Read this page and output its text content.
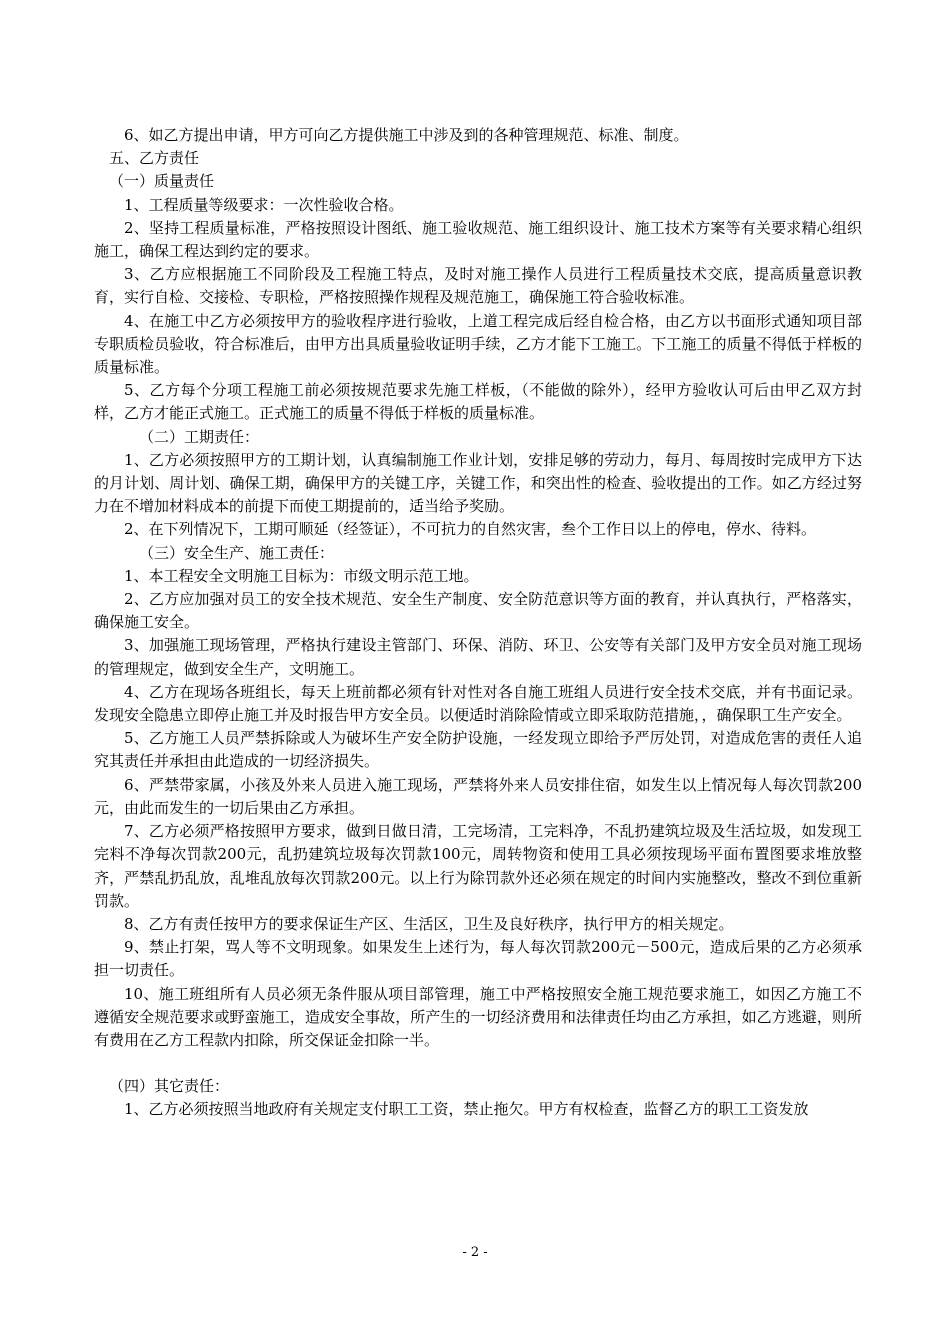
6、如乙方提出申请，甲方可向乙方提供施工中涉及到的各种管理规范、标准、制度。

五、乙方责任

（一）质量责任

1、工程质量等级要求：一次性验收合格。

2、坚持工程质量标准，严格按照设计图纸、施工验收规范、施工组织设计、施工技术方案等有关要求精心组织施工，确保工程达到约定的要求。

3、乙方应根据施工不同阶段及工程施工特点，及时对施工操作人员进行工程质量技术交底，提高质量意识教育，实行自检、交接检、专职检，严格按照操作规程及规范施工，确保施工符合验收标准。

4、在施工中乙方必须按甲方的验收程序进行验收，上道工程完成后经自检合格，由乙方以书面形式通知项目部专职质检员验收，符合标准后，由甲方出具质量验收证明手续，乙方才能下工施工。下工施工的质量不得低于样板的质量标准。

5、乙方每个分项工程施工前必须按规范要求先施工样板，（不能做的除外），经甲方验收认可后由甲乙双方封样，乙方才能正式施工。正式施工的质量不得低于样板的质量标准。

（二）工期责任：

1、乙方必须按照甲方的工期计划，认真编制施工作业计划，安排足够的劳动力，每月、每周按时完成甲方下达的月计划、周计划、确保工期，确保甲方的关键工序，关键工作，和突出性的检查、验收提出的工作。如乙方经过努力在不增加材料成本的前提下而使工期提前的，适当给予奖励。

2、在下列情况下，工期可顺延（经签证），不可抗力的自然灾害，叁个工作日以上的停电，停水、待料。

（三）安全生产、施工责任：

1、本工程安全文明施工目标为：市级文明示范工地。

2、乙方应加强对员工的安全技术规范、安全生产制度、安全防范意识等方面的教育，并认真执行，严格落实，确保施工安全。

3、加强施工现场管理，严格执行建设主管部门、环保、消防、环卫、公安等有关部门及甲方安全员对施工现场的管理规定，做到安全生产，文明施工。

4、乙方在现场各班组长，每天上班前都必须有针对性对各自施工班组人员进行安全技术交底，并有书面记录。发现安全隐患立即停止施工并及时报告甲方安全员。以便适时消除险情或立即采取防范措施，，确保职工生产安全。

5、乙方施工人员严禁拆除或人为破坏生产安全防护设施，一经发现立即给予严厉处罚，对造成危害的责任人追究其责任并承担由此造成的一切经济损失。

6、严禁带家属，小孩及外来人员进入施工现场，严禁将外来人员安排住宿，如发生以上情况每人每次罚款200元，由此而发生的一切后果由乙方承担。

7、乙方必须严格按照甲方要求，做到日做日清，工完场清，工完料净，不乱扔建筑垃圾及生活垃圾，如发现工完料不净每次罚款200元，乱扔建筑垃圾每次罚款100元，周转物资和使用工具必须按现场平面布置图要求堆放整齐，严禁乱扔乱放，乱堆乱放每次罚款200元。以上行为除罚款外还必须在规定的时间内实施整改，整改不到位重新罚款。

8、乙方有责任按甲方的要求保证生产区、生活区，卫生及良好秩序，执行甲方的相关规定。

9、禁止打架，骂人等不文明现象。如果发生上述行为，每人每次罚款200元－500元，造成后果的乙方必须承担一切责任。

10、施工班组所有人员必须无条件服从项目部管理，施工中严格按照安全施工规范要求施工，如因乙方施工不遵循安全规范要求或野蛮施工，造成安全事故，所产生的一切经济费用和法律责任均由乙方承担，如乙方逃避，则所有费用在乙方工程款内扣除，所交保证金扣除一半。

（四）其它责任：

1、乙方必须按照当地政府有关规定支付职工工资，禁止拖欠。甲方有权检查，监督乙方的职工工资发放

- 2 -
